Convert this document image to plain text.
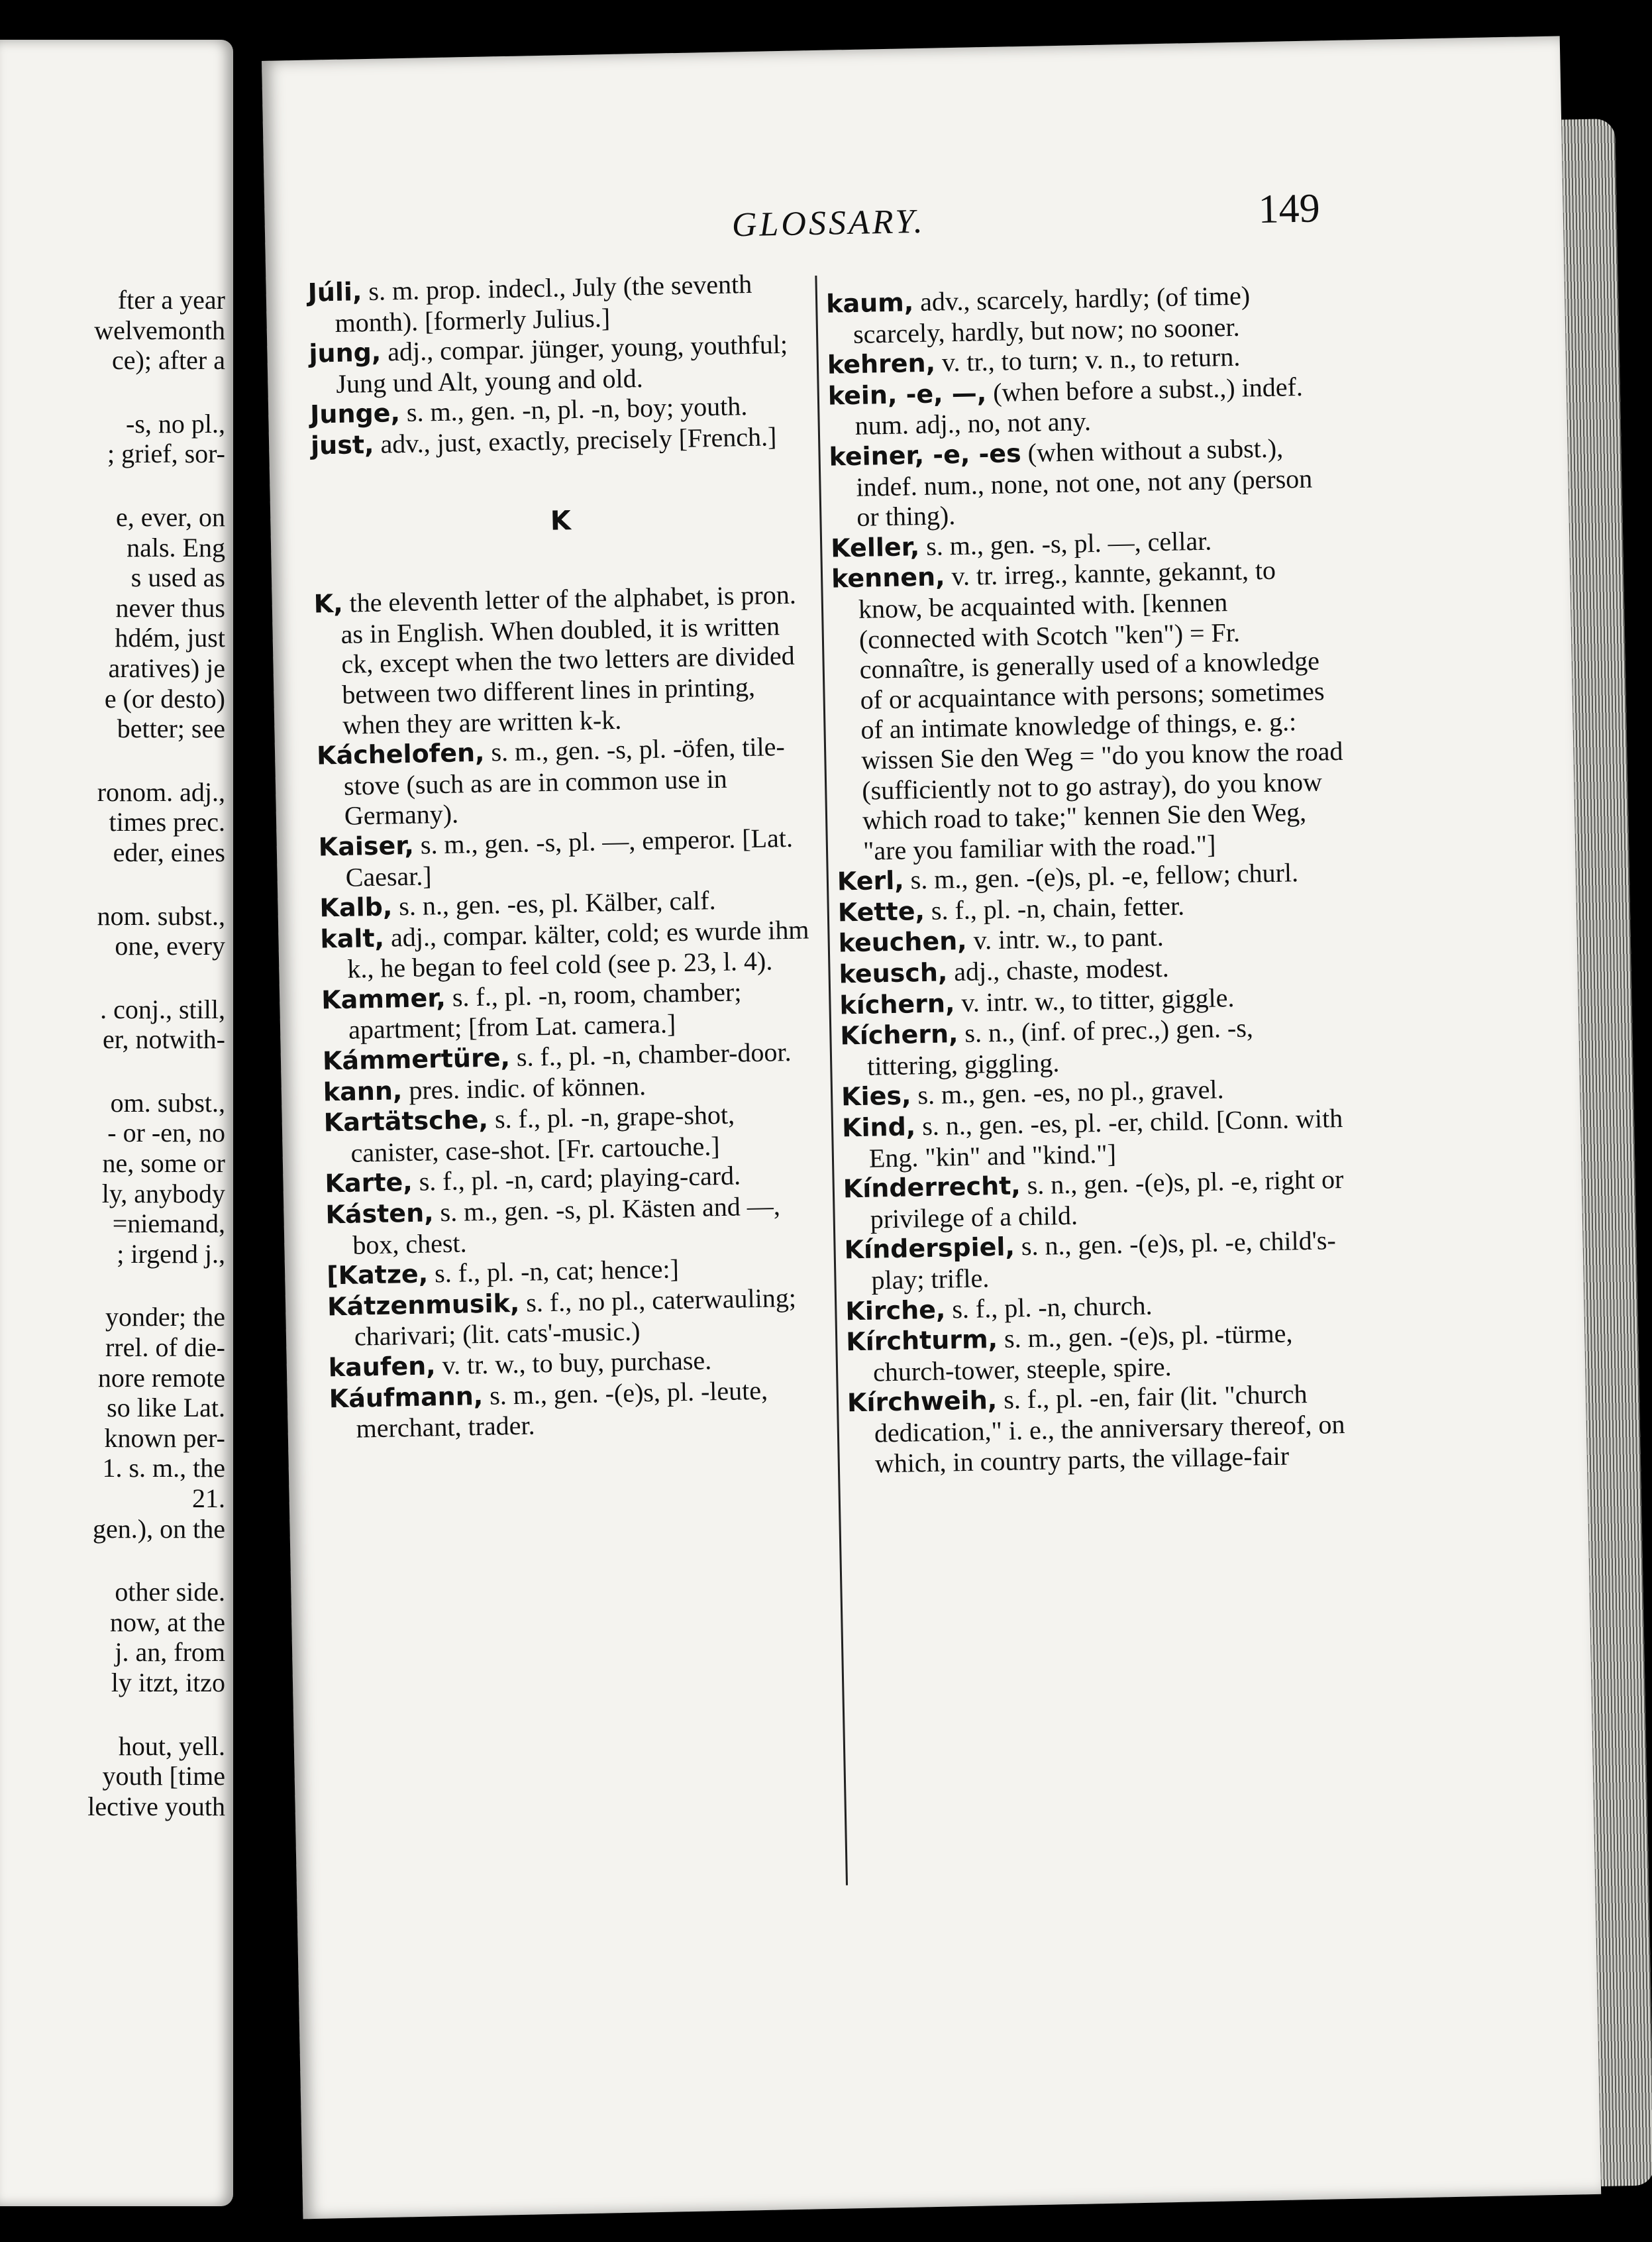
fter a year
welvemonth
ce); after a
-s, no pl.,
; grief, sor-
e, ever, on
nals. Eng
s used as
never thus
hdém, just
aratives) je
e (or desto)
better; see
ronom. adj.,
times prec.
eder, eines
nom. subst.,
one, every
. conj., still,
er, notwith-
om. subst.,
- or -en, no
ne, some or
ly, anybody
=niemand,
; irgend j.,
yonder; the
rrel. of die-
nore remote
so like Lat.
known per-
1. s. m., the
21.
gen.), on the
other side.
now, at the
j. an, from
ly itzt, itzo
hout, yell.
youth [time
lective youth
GLOSSARY.	149

Júli, s. m. prop. indecl., July (the seventh month). [formerly Julius.]

jung, adj., compar. jünger, young, youthful; Jung und Alt, young and old.

Junge, s. m., gen. -n, pl. -n, boy; youth.

just, adv., just, exactly, precisely [French.]

K

K, the eleventh letter of the alphabet, is pron. as in English. When doubled, it is written ck, except when the two letters are divided between two different lines in printing, when they are written k-k.

Káchelofen, s. m., gen. -s, pl. -öfen, tile-stove (such as are in common use in Germany).

Kaiser, s. m., gen. -s, pl. —, emperor. [Lat. Caesar.]

Kalb, s. n., gen. -es, pl. Kälber, calf.

kalt, adj., compar. kälter, cold; es wurde ihm k., he began to feel cold (see p. 23, l. 4).

Kammer, s. f., pl. -n, room, chamber; apartment; [from Lat. camera.]

Kámmertüre, s. f., pl. -n, chamber-door.

kann, pres. indic. of können.

Kartätsche, s. f., pl. -n, grape-shot, canister, case-shot. [Fr. cartouche.]

Karte, s. f., pl. -n, card; playing-card.

Kásten, s. m., gen. -s, pl. Kästen and —, box, chest.

[Katze, s. f., pl. -n, cat; hence:]

Kátzenmusik, s. f., no pl., caterwauling; charivari; (lit. cats'-music.)

kaufen, v. tr. w., to buy, purchase.

Káufmann, s. m., gen. -(e)s, pl. -leute, merchant, trader.

kaum, adv., scarcely, hardly; (of time) scarcely, hardly, but now; no sooner.

kehren, v. tr., to turn; v. n., to return.

kein, -e, —, (when before a subst.,) indef. num. adj., no, not any.

keiner, -e, -es (when without a subst.), indef. num., none, not one, not any (person or thing).

Keller, s. m., gen. -s, pl. —, cellar.

kennen, v. tr. irreg., kannte, gekannt, to know, be acquainted with. [kennen (connected with Scotch "ken") = Fr. connaître, is generally used of a knowledge of or acquaintance with persons; sometimes of an intimate knowledge of things, e. g.: wissen Sie den Weg = "do you know the road (sufficiently not to go astray), do you know which road to take;" kennen Sie den Weg, "are you familiar with the road."]

Kerl, s. m., gen. -(e)s, pl. -e, fellow; churl.

Kette, s. f., pl. -n, chain, fetter.

keuchen, v. intr. w., to pant.

keusch, adj., chaste, modest.

kíchern, v. intr. w., to titter, giggle.

Kíchern, s. n., (inf. of prec.,) gen. -s, tittering, giggling.

Kies, s. m., gen. -es, no pl., gravel.

Kind, s. n., gen. -es, pl. -er, child. [Conn. with Eng. "kin" and "kind."]

Kínderrecht, s. n., gen. -(e)s, pl. -e, right or privilege of a child.

Kínderspiel, s. n., gen. -(e)s, pl. -e, child's-play; trifle.

Kirche, s. f., pl. -n, church.

Kírchturm, s. m., gen. -(e)s, pl. -türme, church-tower, steeple, spire.

Kírchweih, s. f., pl. -en, fair (lit. "church dedication," i. e., the anniversary thereof, on which, in country parts, the village-fair
